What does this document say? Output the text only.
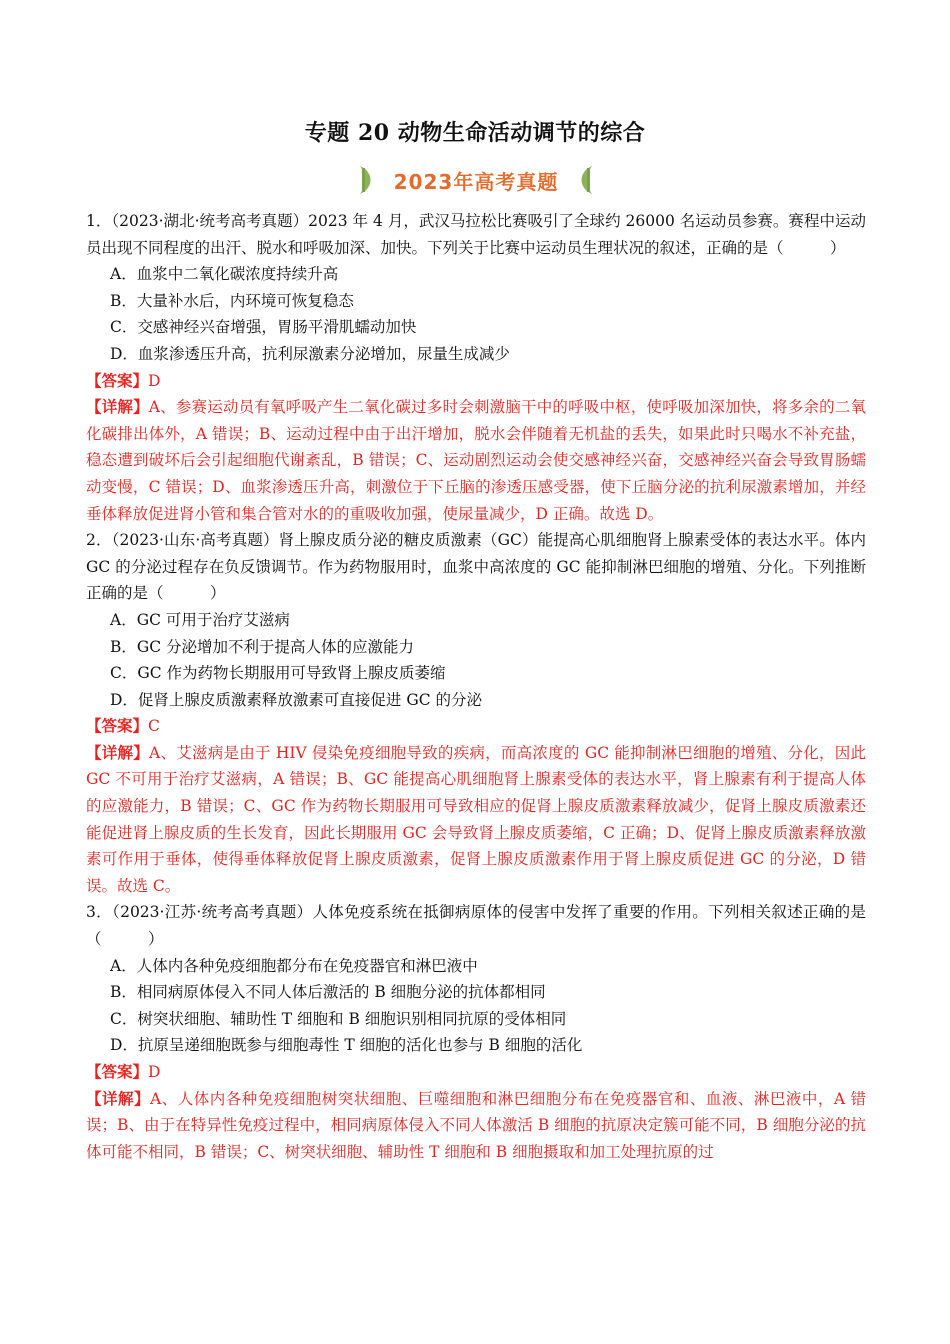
专题 20 动物生命活动调节的综合
2023年高考真题

1．（2023·湖北·统考高考真题）2023 年 4 月，武汉马拉松比赛吸引了全球约 26000 名运动员参赛。赛程中运动员出现不同程度的出汗、脱水和呼吸加深、加快。下列关于比赛中运动员生理状况的叙述，正确的是（　　　）

A．血浆中二氧化碳浓度持续升高

B．大量补水后，内环境可恢复稳态

C．交感神经兴奋增强，胃肠平滑肌蠕动加快

D．血浆渗透压升高，抗利尿激素分泌增加，尿量生成减少

【答案】D

【详解】A、参赛运动员有氧呼吸产生二氧化碳过多时会刺激脑干中的呼吸中枢，使呼吸加深加快，将多余的二氧化碳排出体外，A 错误；B、运动过程中由于出汗增加，脱水会伴随着无机盐的丢失，如果此时只喝水不补充盐，稳态遭到破坏后会引起细胞代谢紊乱，B 错误；C、运动剧烈运动会使交感神经兴奋，交感神经兴奋会导致胃肠蠕动变慢，C 错误；D、血浆渗透压升高，刺激位于下丘脑的渗透压感受器，使下丘脑分泌的抗利尿激素增加，并经垂体释放促进肾小管和集合管对水的的重吸收加强，使尿量减少，D 正确。故选 D。

2．（2023·山东·高考真题）肾上腺皮质分泌的糖皮质激素（GC）能提高心肌细胞肾上腺素受体的表达水平。体内 GC 的分泌过程存在负反馈调节。作为药物服用时，血浆中高浓度的 GC 能抑制淋巴细胞的增殖、分化。下列推断正确的是（　　　）

A．GC 可用于治疗艾滋病

B．GC 分泌增加不利于提高人体的应激能力

C．GC 作为药物长期服用可导致肾上腺皮质萎缩

D．促肾上腺皮质激素释放激素可直接促进 GC 的分泌

【答案】C

【详解】A、艾滋病是由于 HIV 侵染免疫细胞导致的疾病，而高浓度的 GC 能抑制淋巴细胞的增殖、分化，因此 GC 不可用于治疗艾滋病，A 错误；B、GC 能提高心肌细胞肾上腺素受体的表达水平，肾上腺素有利于提高人体的应激能力，B 错误；C、GC 作为药物长期服用可导致相应的促肾上腺皮质激素释放减少，促肾上腺皮质激素还能促进肾上腺皮质的生长发育，因此长期服用 GC 会导致肾上腺皮质萎缩，C 正确；D、促肾上腺皮质激素释放激素可作用于垂体，使得垂体释放促肾上腺皮质激素，促肾上腺皮质激素作用于肾上腺皮质促进 GC 的分泌，D 错误。故选 C。

3．（2023·江苏·统考高考真题）人体免疫系统在抵御病原体的侵害中发挥了重要的作用。下列相关叙述正确的是（　　　）

A．人体内各种免疫细胞都分布在免疫器官和淋巴液中

B．相同病原体侵入不同人体后激活的 B 细胞分泌的抗体都相同

C．树突状细胞、辅助性 T 细胞和 B 细胞识别相同抗原的受体相同

D．抗原呈递细胞既参与细胞毒性 T 细胞的活化也参与 B 细胞的活化

【答案】D

【详解】A、人体内各种免疫细胞树突状细胞、巨噬细胞和淋巴细胞分布在免疫器官和、血液、淋巴液中，A 错误；B、由于在特异性免疫过程中，相同病原体侵入不同人体激活 B 细胞的抗原决定簇可能不同，B 细胞分泌的抗体可能不相同，B 错误；C、树突状细胞、辅助性 T 细胞和 B 细胞摄取和加工处理抗原的过
